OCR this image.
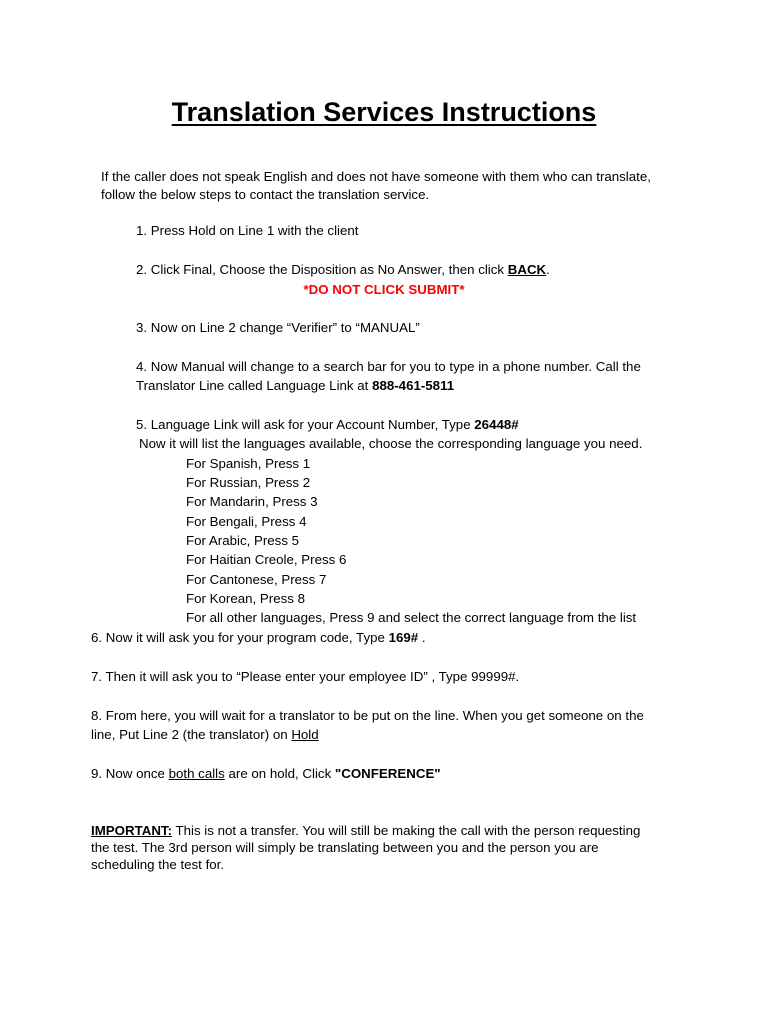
Translation Services Instructions
If the caller does not speak English and does not have someone with them who can translate,
follow the below steps to contact the translation service.
1. Press Hold on Line 1 with the client
2. Click Final, Choose the Disposition as No Answer, then click BACK.
*DO NOT CLICK SUBMIT*
3. Now on Line 2 change “Verifier” to “MANUAL”
4. Now Manual will change to a search bar for you to type in a phone number. Call the
Translator Line called Language Link at 888-461-5811
5. Language Link will ask for your Account Number, Type 26448#
Now it will list the languages available, choose the corresponding language you need.
For Spanish, Press 1
For Russian, Press 2
For Mandarin, Press 3
For Bengali, Press 4
For Arabic, Press 5
For Haitian Creole, Press 6
For Cantonese, Press 7
For Korean, Press 8
For all other languages, Press 9 and select the correct language from the list
6. Now it will ask you for your program code, Type 169# .
7. Then it will ask you to “Please enter your employee ID” , Type 99999#.
8. From here, you will wait for a translator to be put on the line. When you get someone on the
line, Put Line 2 (the translator) on Hold
9. Now once both calls are on hold, Click "CONFERENCE"
IMPORTANT: This is not a transfer. You will still be making the call with the person requesting
the test. The 3rd person will simply be translating between you and the person you are
scheduling the test for.
